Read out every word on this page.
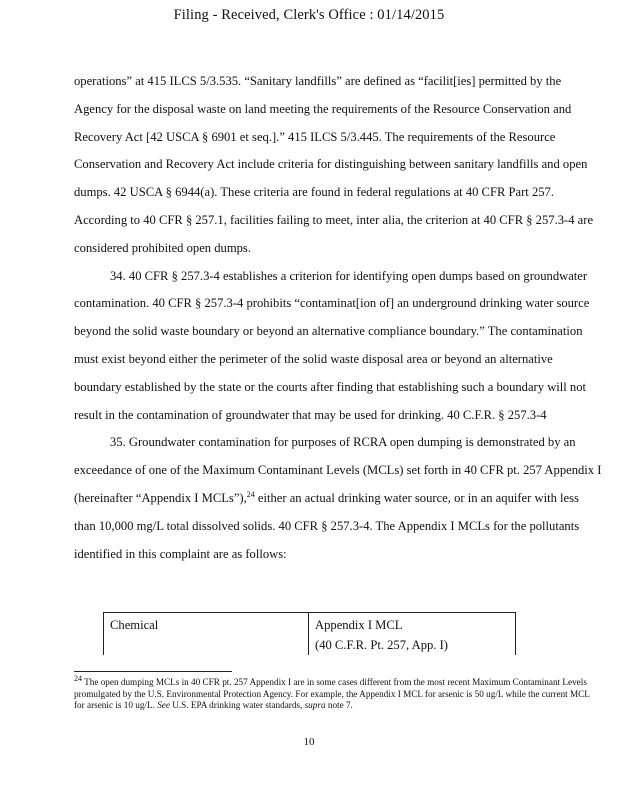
Filing - Received, Clerk's Office : 01/14/2015

operations” at 415 ILCS 5/3.535. “Sanitary landfills” are defined as “facilit[ies] permitted by the Agency for the disposal waste on land meeting the requirements of the Resource Conservation and Recovery Act [42 USCA § 6901 et seq.].” 415 ILCS 5/3.445. The requirements of the Resource Conservation and Recovery Act include criteria for distinguishing between sanitary landfills and open dumps. 42 USCA § 6944(a). These criteria are found in federal regulations at 40 CFR Part 257. According to 40 CFR § 257.1, facilities failing to meet, inter alia, the criterion at 40 CFR § 257.3-4 are considered prohibited open dumps.

34. 40 CFR § 257.3-4 establishes a criterion for identifying open dumps based on groundwater contamination. 40 CFR § 257.3-4 prohibits “contaminat[ion of] an underground drinking water source beyond the solid waste boundary or beyond an alternative compliance boundary.” The contamination must exist beyond either the perimeter of the solid waste disposal area or beyond an alternative boundary established by the state or the courts after finding that establishing such a boundary will not result in the contamination of groundwater that may be used for drinking. 40 C.F.R. § 257.3-4

35. Groundwater contamination for purposes of RCRA open dumping is demonstrated by an exceedance of one of the Maximum Contaminant Levels (MCLs) set forth in 40 CFR pt. 257 Appendix I (hereinafter “Appendix I MCLs”),$^{24}$ either an actual drinking water source, or in an aquifer with less than 10,000 mg/L total dissolved solids. 40 CFR § 257.3-4. The Appendix I MCLs for the pollutants identified in this complaint are as follows:

Chemical	Appendix I MCL
(40 C.F.R. Pt. 257, App. I)
24 The open dumping MCLs in 40 CFR pt. 257 Appendix I are in some cases different from the most recent Maximum Contaminant Levels promulgated by the U.S. Environmental Protection Agency. For example, the Appendix I MCL for arsenic is 50 ug/L while the current MCL for arsenic is 10 ug/L. See U.S. EPA drinking water standards, supra note 7.
10
